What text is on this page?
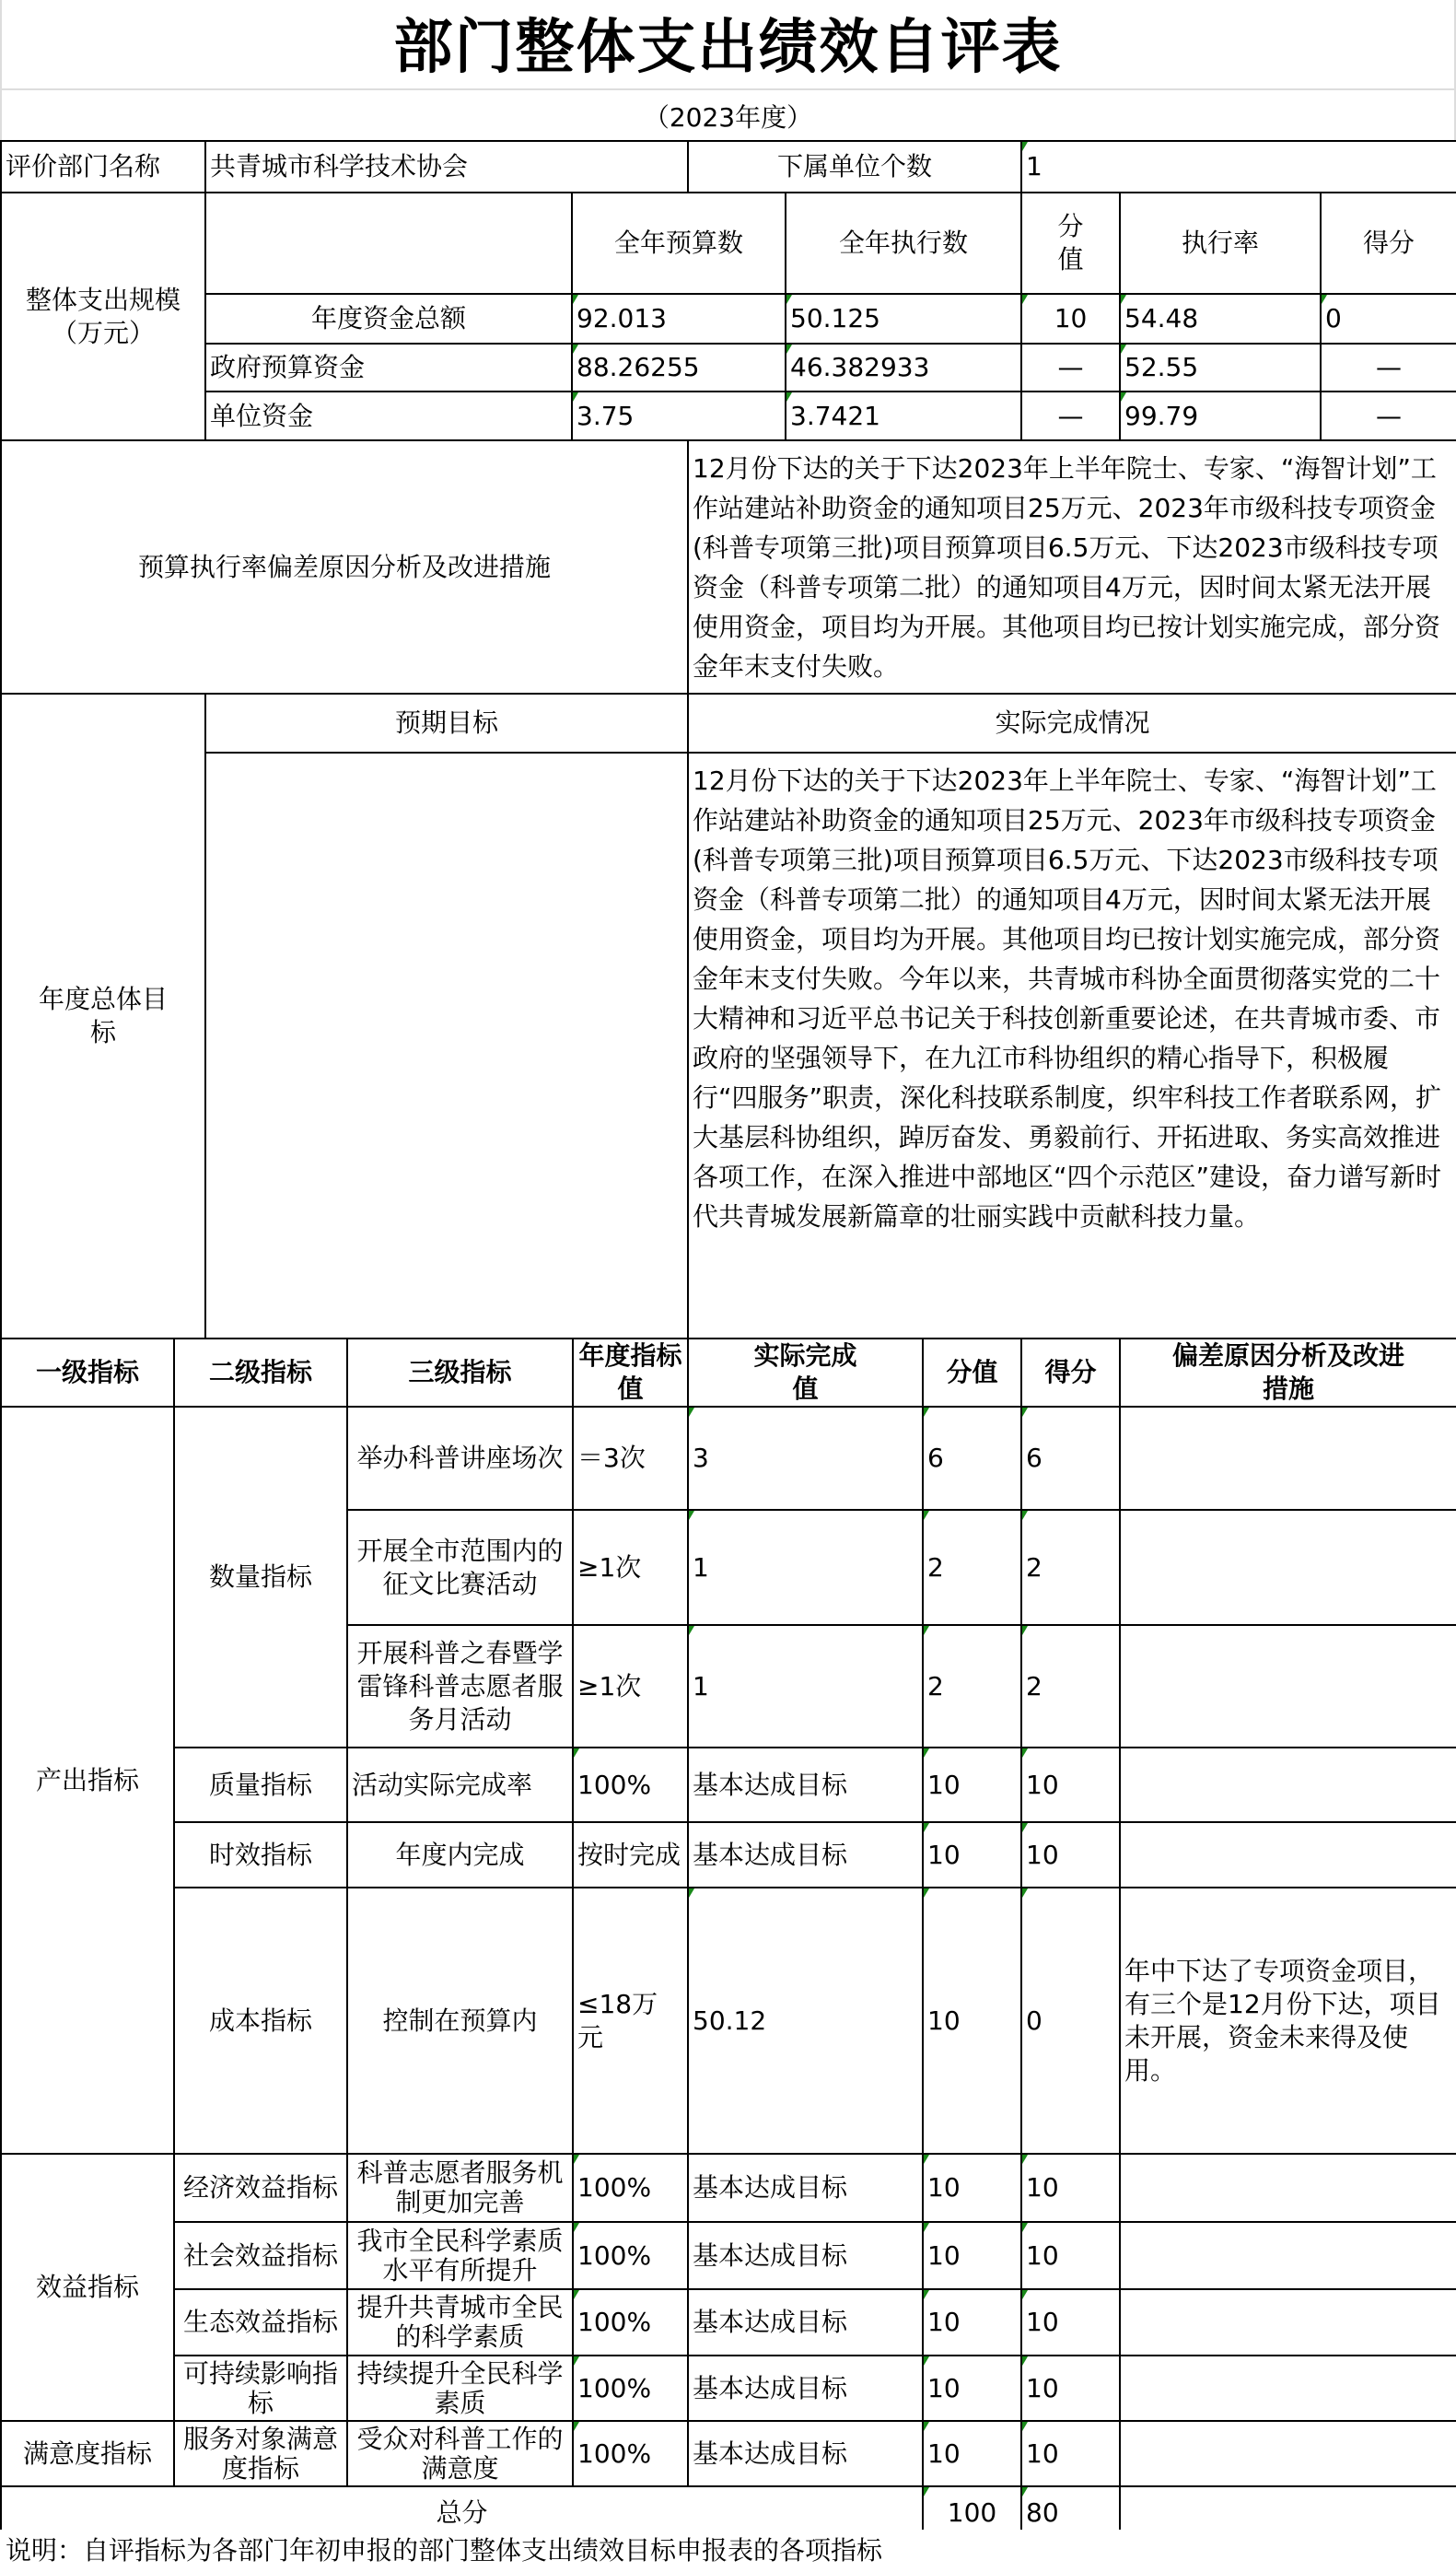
部门整体支出绩效自评表
（2023年度）
评价部门名称	共青城市科学技术协会		下属单位个数		1		
整体支出规模（万元）		全年预算数		全年执行数	分值	执行率	得分
	年度资金总额	92.013		50.125	10	54.48	0
	政府预算资金	88.26255		46.382933	—	52.55	—
	单位资金	3.75		3.7421	—	99.79	—
预算执行率偏差原因分析及改进措施			12月份下达的关于下达2023年上半年院士、专家、“海智计划”工作站建站补助资金的通知项目25万元、2023年市级科技专项资金(科普专项第三批)项目预算项目6.5万元、下达2023市级科技专项资金（科普专项第二批）的通知项目4万元，因时间太紧无法开展使用资金，项目均为开展。其他项目均已按计划实施完成，部分资金年末支付失败。				
年度总体目标	预期目标	实际完成情况
		12月份下达的关于下达2023年上半年院士、专家、“海智计划”工作站建站补助资金的通知项目25万元、2023年市级科技专项资金(科普专项第三批)项目预算项目6.5万元、下达2023市级科技专项资金（科普专项第二批）的通知项目4万元，因时间太紧无法开展使用资金，项目均为开展。其他项目均已按计划实施完成，部分资金年末支付失败。今年以来，共青城市科协全面贯彻落实党的二十大精神和习近平总书记关于科技创新重要论述，在共青城市委、市政府的坚强领导下，在九江市科协组织的精心指导下，积极履行“四服务”职责，深化科技联系制度，织牢科技工作者联系网，扩大基层科协组织，踔厉奋发、勇毅前行、开拓进取、务实高效推进各项工作，在深入推进中部地区“四个示范区”建设，奋力谱写新时代共青城发展新篇章的壮丽实践中贡献科技力量。
一级指标	二级指标	三级指标	年度指标值	实际完成值	分值	得分	偏差原因分析及改进措施
产出指标	数量指标	举办科普讲座场次	＝3次	3	6	6	
		开展全市范围内的征文比赛活动	≥1次	1	2	2	
		开展科普之春暨学雷锋科普志愿者服务月活动	≥1次	1	2	2	
	质量指标	活动实际完成率	100%	基本达成目标	10	10	
	时效指标	年度内完成	按时完成	基本达成目标	10	10	
	成本指标	控制在预算内	≤18万元	50.12	10	0	年中下达了专项资金项目，有三个是12月份下达，项目未开展，资金未来得及使用。
效益指标	经济效益指标	科普志愿者服务机制更加完善	100%	基本达成目标	10	10	
	社会效益指标	我市全民科学素质水平有所提升	100%	基本达成目标	10	10	
	生态效益指标	提升共青城市全民的科学素质	100%	基本达成目标	10	10	
	可持续影响指标	持续提升全民科学素质	100%	基本达成目标	10	10	
满意度指标	服务对象满意度指标	受众对科普工作的满意度	100%	基本达成目标	10	10	
总分					100	80	
说明：自评指标为各部门年初申报的部门整体支出绩效目标申报表的各项指标
